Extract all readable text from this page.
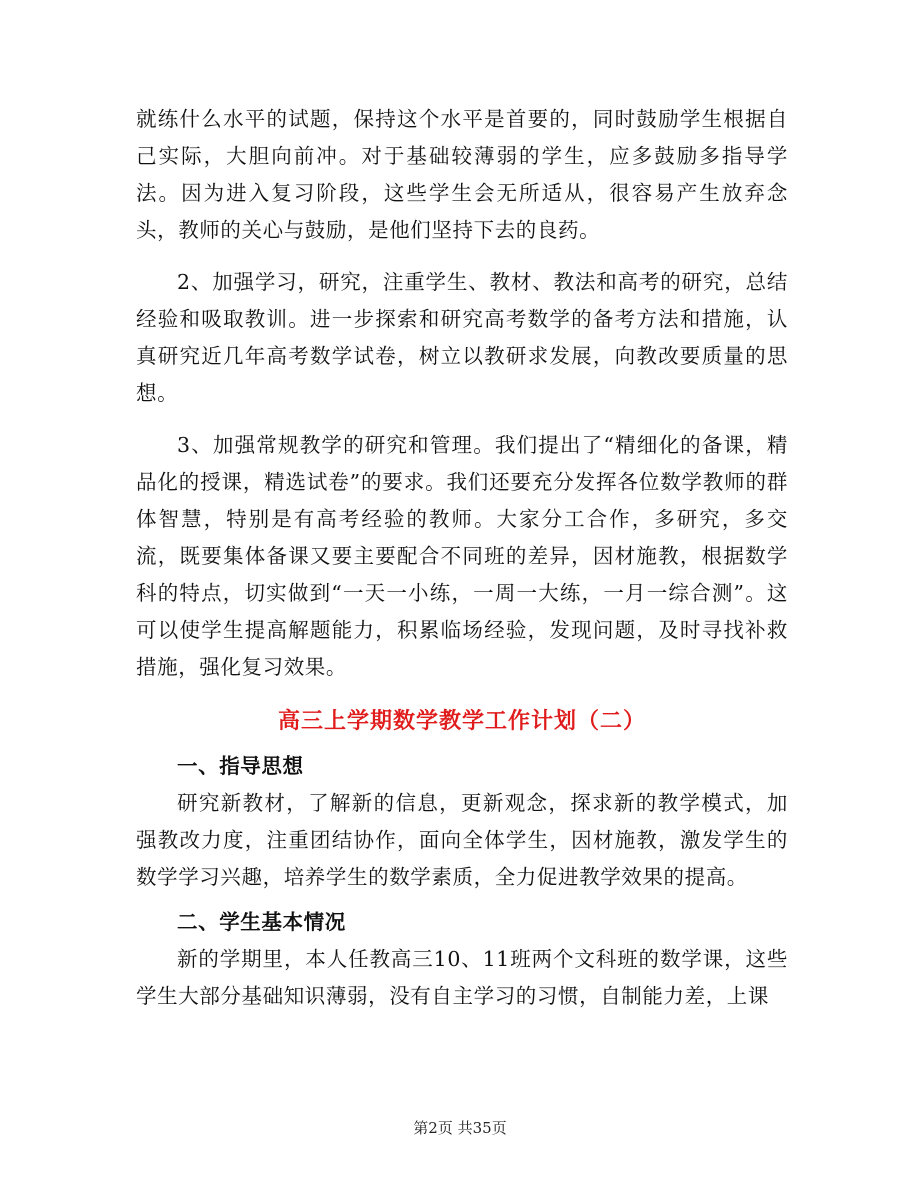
就练什么水平的试题，保持这个水平是首要的，同时鼓励学生根据自己实际，大胆向前冲。对于基础较薄弱的学生，应多鼓励多指导学法。因为进入复习阶段，这些学生会无所适从，很容易产生放弃念头，教师的关心与鼓励，是他们坚持下去的良药。

2、加强学习，研究，注重学生、教材、教法和高考的研究，总结经验和吸取教训。进一步探索和研究高考数学的备考方法和措施，认真研究近几年高考数学试卷，树立以教研求发展，向教改要质量的思想。

3、加强常规教学的研究和管理。我们提出了“精细化的备课，精品化的授课，精选试卷”的要求。我们还要充分发挥各位数学教师的群体智慧，特别是有高考经验的教师。大家分工合作，多研究，多交流，既要集体备课又要主要配合不同班的差异，因材施教，根据数学科的特点，切实做到“一天一小练，一周一大练，一月一综合测”。这可以使学生提高解题能力，积累临场经验，发现问题，及时寻找补救措施，强化复习效果。

高三上学期数学教学工作计划（二）
一、指导思想

研究新教材，了解新的信息，更新观念，探求新的教学模式，加强教改力度，注重团结协作，面向全体学生，因材施教，激发学生的数学学习兴趣，培养学生的数学素质，全力促进教学效果的提高。

二、学生基本情况

新的学期里，本人任教高三10、11班两个文科班的数学课，这些学生大部分基础知识薄弱，没有自主学习的习惯，自制能力差，上课

第2页 共35页
